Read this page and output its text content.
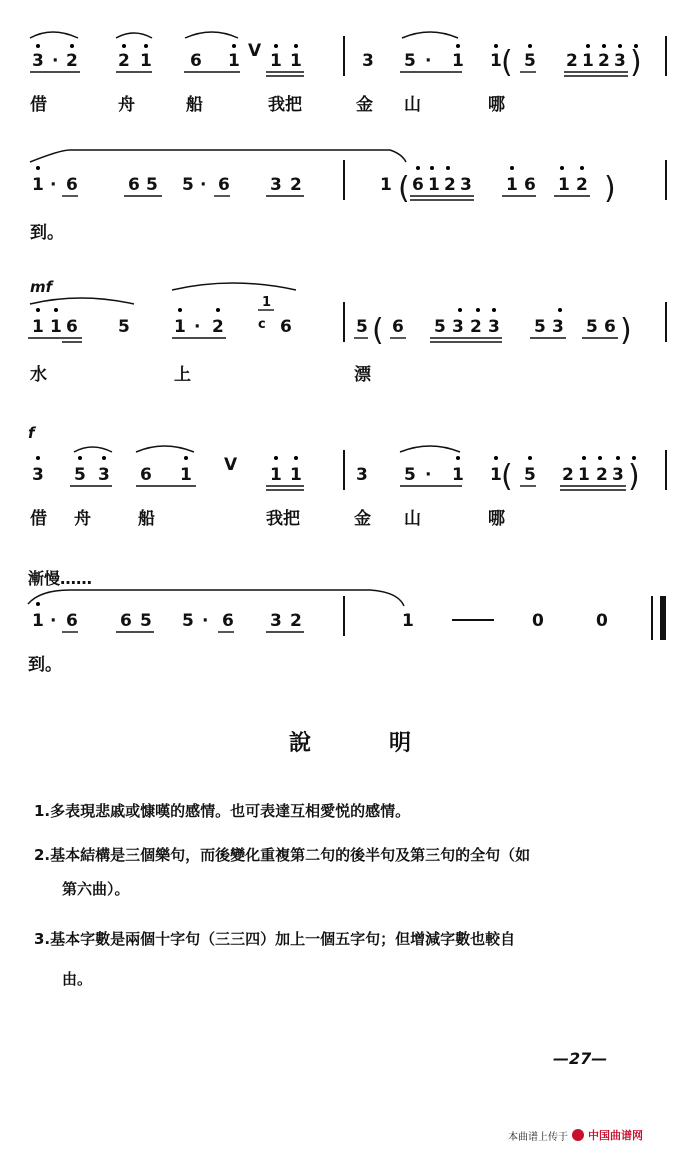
3 · 2 2 1 6 1 V 1 1	3 5 · 1 1 ( 5 2 1 2 3 )
借	舟	船	我把	金 山	哪
1 · 6	6 5 5 · 6 3 2	1 ( 6 1 2 3 1 6 1 2 )
到。
mf
1 1 6 5	1 · 2
1
c 6	5 ( 6 5 3 2 3 5 3 5 6 )
水	上	漂
f
3 5 3 6 1 V 1 1	3 5 · 1 1 ( 5 2 1 2 3 )
借 舟	船	我把	金 山	哪
漸慢……
1 · 6 6 5 5 · 6 3 2	1	0	0
到。
說明
1.多表現悲戚或慷嘆的感情。也可表達互相愛悦的感情。
2.基本結構是三個樂句，而後變化重複第二句的後半句及第三句的全句（如
第六曲）。
3.基本字數是兩個十字句（三三四）加上一個五字句；但增減字數也較自
由。
—27—
本曲谱上传于 中国曲谱网
